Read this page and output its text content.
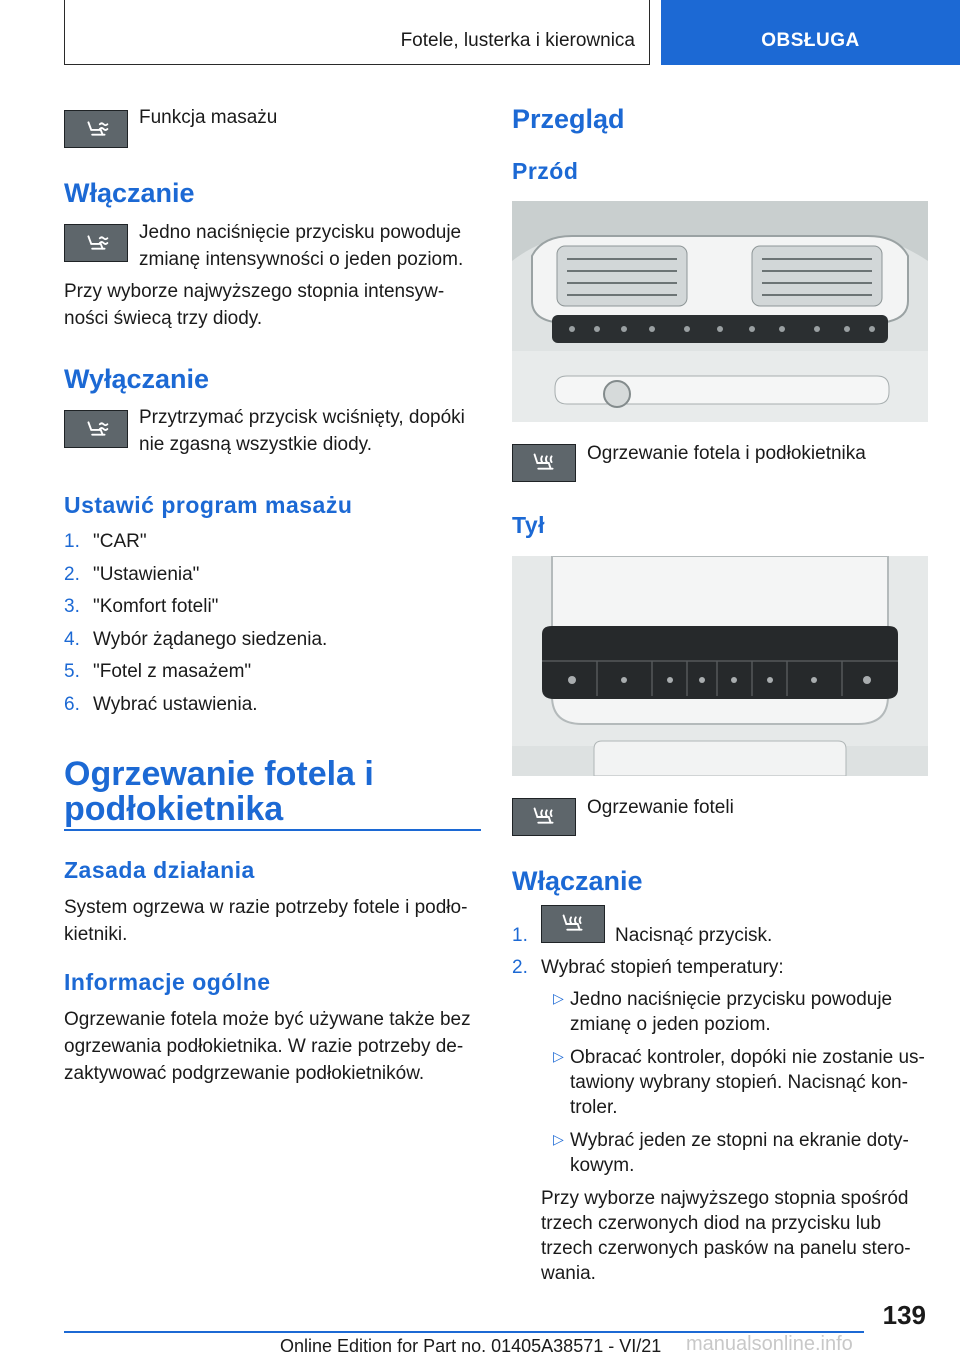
Fotele, lusterka i kierownica	OBSŁUGA
Funkcja masażu
Włączanie
Jedno naciśnięcie przycisku powoduje
zmianę intensywności o jeden poziom.
Przy wyborze najwyższego stopnia intensyw‐
ności świecą trzy diody.
Wyłączanie
Przytrzymać przycisk wciśnięty, dopóki
nie zgasną wszystkie diody.
Ustawić program masażu
1. "CAR"
2. "Ustawienia"
3. "Komfort foteli"
4. Wybór żądanego siedzenia.
5. "Fotel z masażem"
6. Wybrać ustawienia.
Ogrzewanie fotela i
podłokietnika
Zasada działania
System ogrzewa w razie potrzeby fotele i podło‐
kietniki.
Informacje ogólne
Ogrzewanie fotela może być używane także bez
ogrzewania podłokietnika. W razie potrzeby de‐
zaktywować podgrzewanie podłokietników.
Przegląd
Przód
Ogrzewanie fotela i podłokietnika
Tył
Ogrzewanie foteli
Włączanie
1.	Nacisnąć przycisk.
2. Wybrać stopień temperatury:
▷ Jedno naciśnięcie przycisku powoduje
zmianę o jeden poziom.
▷ Obracać kontroler, dopóki nie zostanie us‐
tawiony wybrany stopień. Nacisnąć kon‐
troler.
▷ Wybrać jeden ze stopni na ekranie doty‐
kowym.
Przy wyborze najwyższego stopnia spośród
trzech czerwonych diod na przycisku lub
trzech czerwonych pasków na panelu stero‐
wania.
139
Online Edition for Part no. 01405A38571 - VI/21 manualsonline.info
